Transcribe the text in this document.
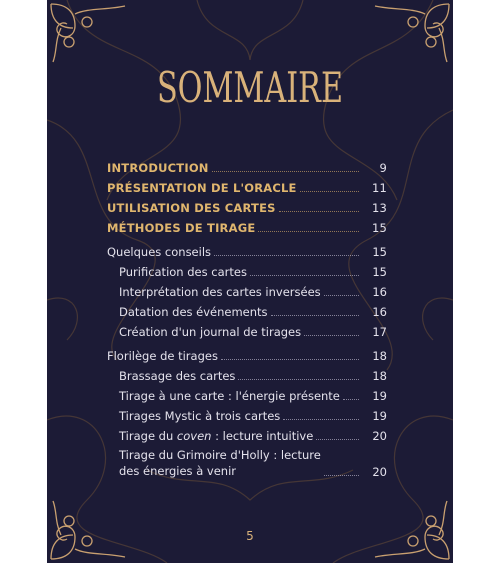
SOMMAIRE
INTRODUCTION	9
PRÉSENTATION DE L'ORACLE	11
UTILISATION DES CARTES	13
MÉTHODES DE TIRAGE	15
Quelques conseils	15
Purification des cartes	15
Interprétation des cartes inversées	16
Datation des événements	16
Création d'un journal de tirages	17
Florilège de tirages	18
Brassage des cartes	18
Tirage à une carte : l'énergie présente	19
Tirages Mystic à trois cartes	19
Tirage du coven : lecture intuitive	20
Tirage du Grimoire d'Holly : lecture
des énergies à venir	20
5
